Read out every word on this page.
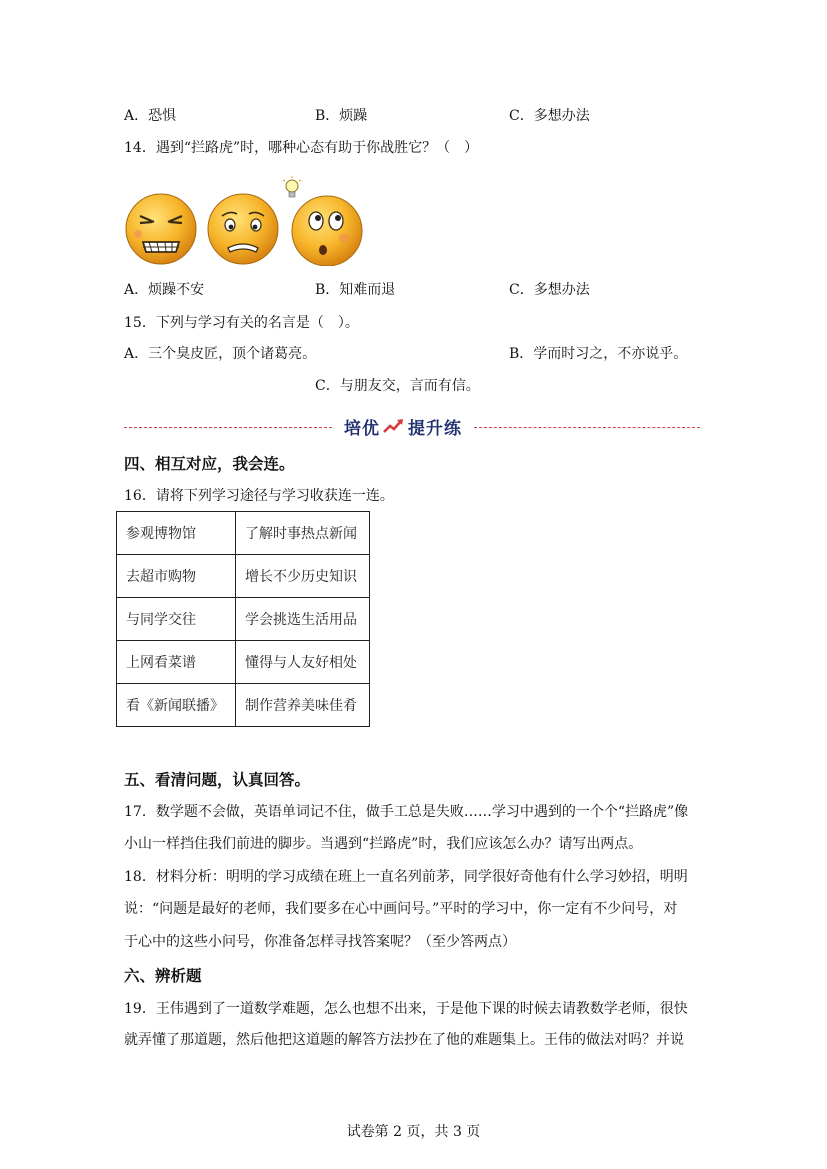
A．恐惧	B．烦躁	C．多想办法
14．遇到“拦路虎”时，哪种心态有助于你战胜它？（　）
A．烦躁不安	B．知难而退	C．多想办法
15．下列与学习有关的名言是（　）。
A．三个臭皮匠，顶个诸葛亮。	B．学而时习之，不亦说乎。
C．与朋友交，言而有信。
培优 提升练
四、相互对应，我会连。
16．请将下列学习途径与学习收获连一连。
参观博物馆	了解时事热点新闻
去超市购物	增长不少历史知识
与同学交往	学会挑选生活用品
上网看菜谱	懂得与人友好相处
看《新闻联播》	制作营养美味佳肴
五、看清问题，认真回答。
17．数学题不会做，英语单词记不住，做手工总是失败……学习中遇到的一个个“拦路虎”像
小山一样挡住我们前进的脚步。当遇到“拦路虎”时，我们应该怎么办？请写出两点。
18．材料分析：明明的学习成绩在班上一直名列前茅，同学很好奇他有什么学习妙招，明明
说：“问题是最好的老师，我们要多在心中画问号。”平时的学习中，你一定有不少问号，对
于心中的这些小问号，你准备怎样寻找答案呢？（至少答两点）
六、辨析题
19．王伟遇到了一道数学难题，怎么也想不出来，于是他下课的时候去请教数学老师，很快
就弄懂了那道题，然后他把这道题的解答方法抄在了他的难题集上。王伟的做法对吗？并说
试卷第 2 页，共 3 页
